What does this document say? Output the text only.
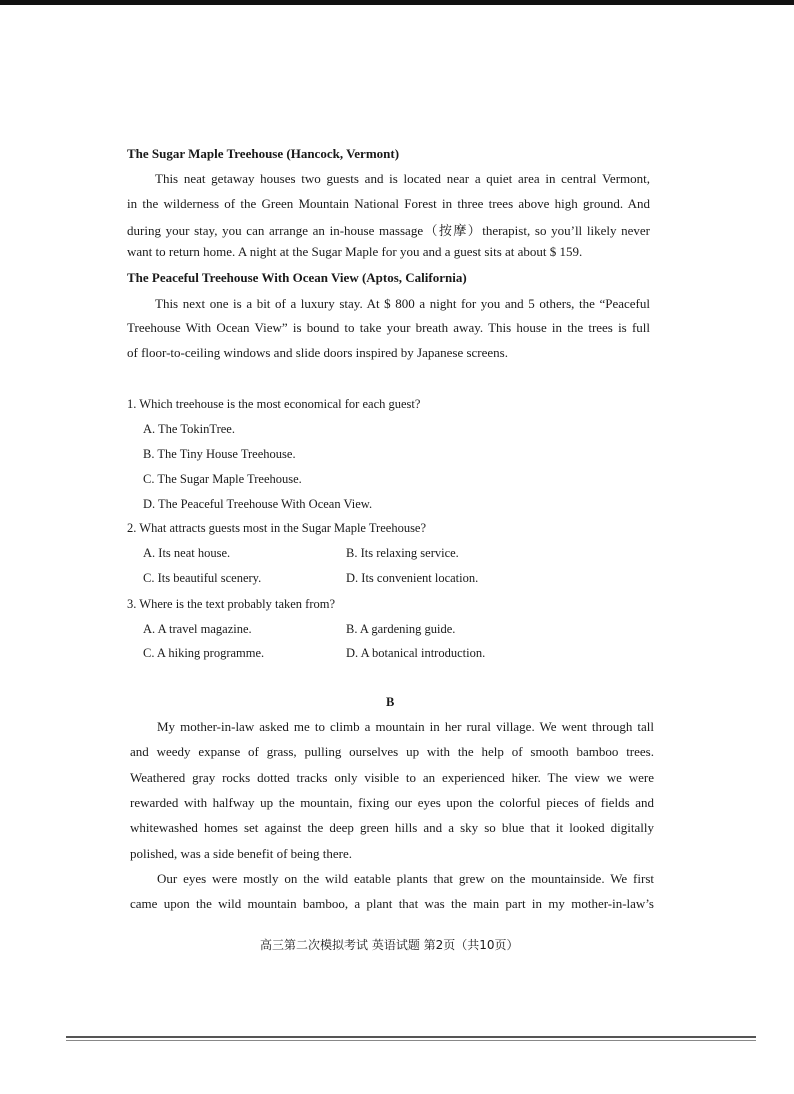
The Sugar Maple Treehouse (Hancock, Vermont)
This neat getaway houses two guests and is located near a quiet area in central Vermont,
in the wilderness of the Green Mountain National Forest in three trees above high ground. And
during your stay, you can arrange an in-house massage（按摩）therapist, so you’ll likely never
want to return home. A night at the Sugar Maple for you and a guest sits at about $ 159.
The Peaceful Treehouse With Ocean View (Aptos, California)
This next one is a bit of a luxury stay. At $ 800 a night for you and 5 others, the “Peaceful
Treehouse With Ocean View” is bound to take your breath away. This house in the trees is full
of floor-to-ceiling windows and slide doors inspired by Japanese screens.
1. Which treehouse is the most economical for each guest?
A. The TokinTree.
B. The Tiny House Treehouse.
C. The Sugar Maple Treehouse.
D. The Peaceful Treehouse With Ocean View.
2. What attracts guests most in the Sugar Maple Treehouse?
A. Its neat house.	B. Its relaxing service.
C. Its beautiful scenery.	D. Its convenient location.
3. Where is the text probably taken from?
A. A travel magazine.	B. A gardening guide.
C. A hiking programme.	D. A botanical introduction.
B
My mother-in-law asked me to climb a mountain in her rural village. We went through tall
and weedy expanse of grass, pulling ourselves up with the help of smooth bamboo trees.
Weathered gray rocks dotted tracks only visible to an experienced hiker. The view we were
rewarded with halfway up the mountain, fixing our eyes upon the colorful pieces of fields and
whitewashed homes set against the deep green hills and a sky so blue that it looked digitally
polished, was a side benefit of being there.
Our eyes were mostly on the wild eatable plants that grew on the mountainside. We first
came upon the wild mountain bamboo, a plant that was the main part in my mother-in-law’s
高三第二次模拟考试 英语试题 第2页（共10页）
